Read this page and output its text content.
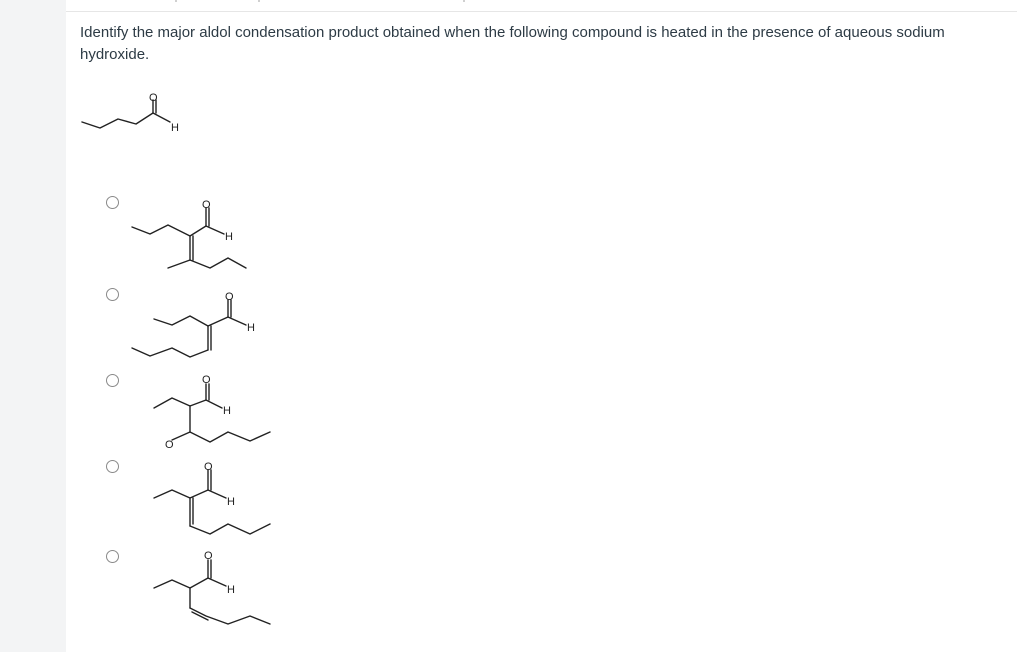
Identify the major aldol condensation product obtained when the following compound is heated in the presence of aqueous sodium hydroxide.
O
H
O
H
O
H
O
H
O
O
H
O
H
